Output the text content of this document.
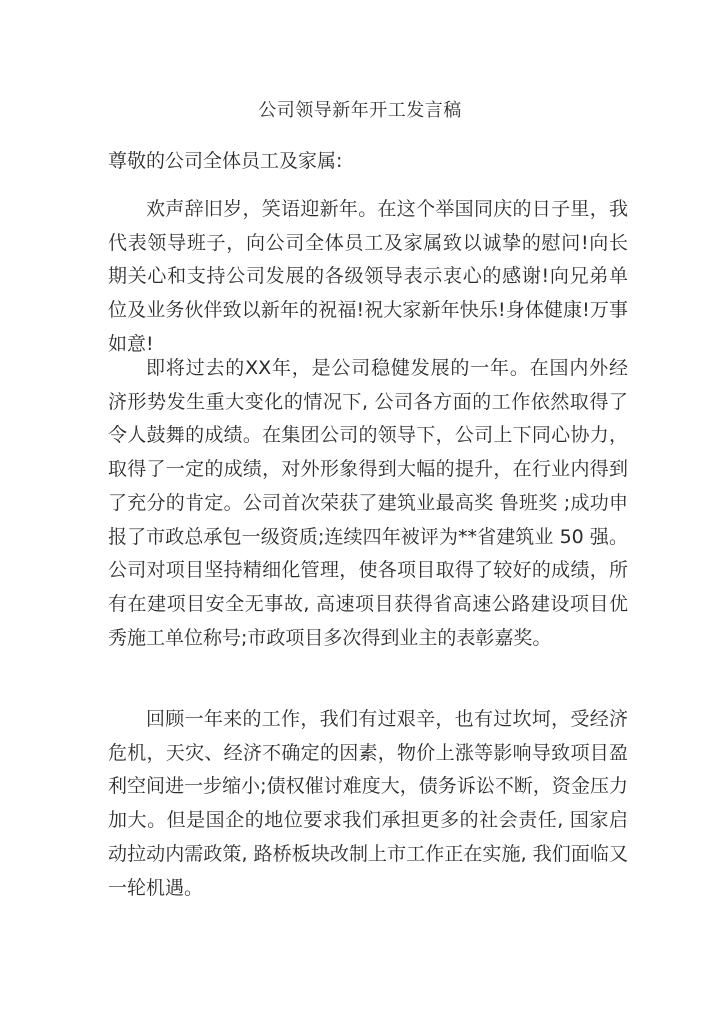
公司领导新年开工发言稿
尊敬的公司全体员工及家属:

欢声辞旧岁，笑语迎新年。在这个举国同庆的日子里，我代表领导班子，向公司全体员工及家属致以诚挚的慰问!向长期关心和支持公司发展的各级领导表示衷心的感谢!向兄弟单位及业务伙伴致以新年的祝福!祝大家新年快乐!身体健康!万事如意!

即将过去的XX年，是公司稳健发展的一年。在国内外经济形势发生重大变化的情况下, 公司各方面的工作依然取得了令人鼓舞的成绩。在集团公司的领导下，公司上下同心协力，取得了一定的成绩，对外形象得到大幅的提升，在行业内得到了充分的肯定。公司首次荣获了建筑业最高奖 鲁班奖 ;成功申报了市政总承包一级资质;连续四年被评为**省建筑业 50 强。公司对项目坚持精细化管理，使各项目取得了较好的成绩，所有在建项目安全无事故, 高速项目获得省高速公路建设项目优秀施工单位称号;市政项目多次得到业主的表彰嘉奖。

回顾一年来的工作，我们有过艰辛，也有过坎坷，受经济危机，天灾、经济不确定的因素，物价上涨等影响导致项目盈利空间进一步缩小;债权催讨难度大，债务诉讼不断，资金压力加大。但是国企的地位要求我们承担更多的社会责任, 国家启动拉动内需政策, 路桥板块改制上市工作正在实施, 我们面临又一轮机遇。
